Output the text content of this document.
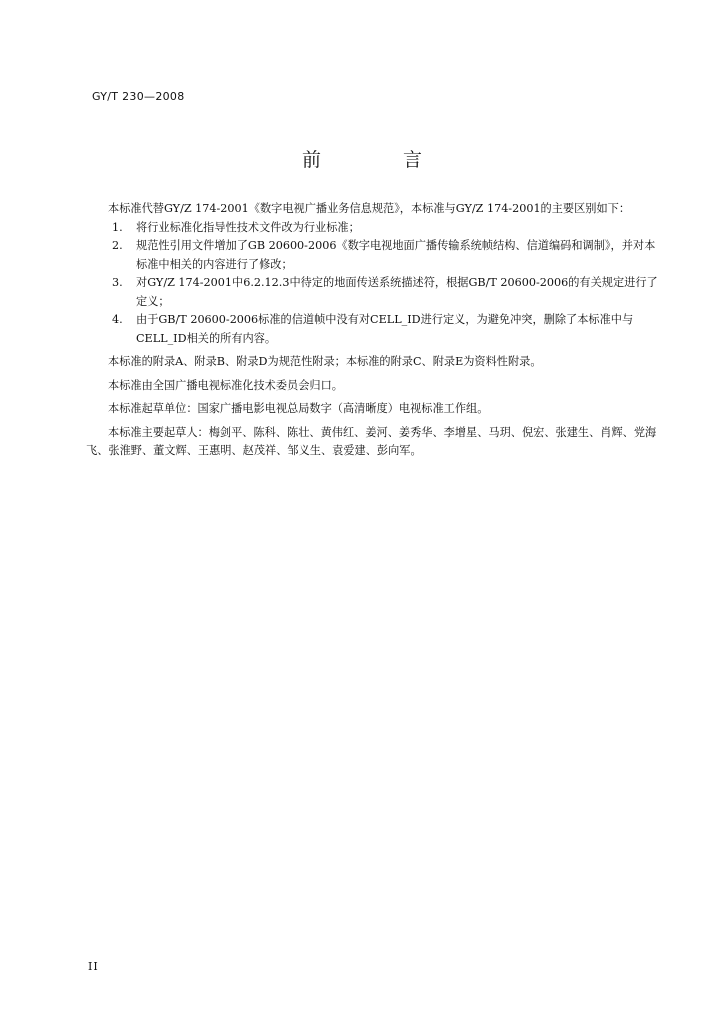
GY/T 230—2008
前 言

本标准代替GY/Z 174-2001《数字电视广播业务信息规范》，本标准与GY/Z 174-2001的主要区别如下：

1. 将行业标准化指导性技术文件改为行业标准；
2. 规范性引用文件增加了GB 20600-2006《数字电视地面广播传输系统帧结构、信道编码和调制》，并对本标准中相关的内容进行了修改；
3. 对GY/Z 174-2001中6.2.12.3中待定的地面传送系统描述符，根据GB/T 20600-2006的有关规定进行了定义；
4. 由于GB/T 20600-2006标准的信道帧中没有对CELL_ID进行定义，为避免冲突，删除了本标准中与CELL_ID相关的所有内容。

本标准的附录A、附录B、附录D为规范性附录；本标准的附录C、附录E为资料性附录。

本标准由全国广播电视标准化技术委员会归口。

本标准起草单位：国家广播电影电视总局数字（高清晰度）电视标准工作组。

本标准主要起草人：梅剑平、陈科、陈壮、黄伟红、姜河、姜秀华、李增星、马玥、倪宏、张建生、肖辉、党海飞、张淮野、董文辉、王惠明、赵茂祥、邹义生、袁爱建、彭向军。

II
